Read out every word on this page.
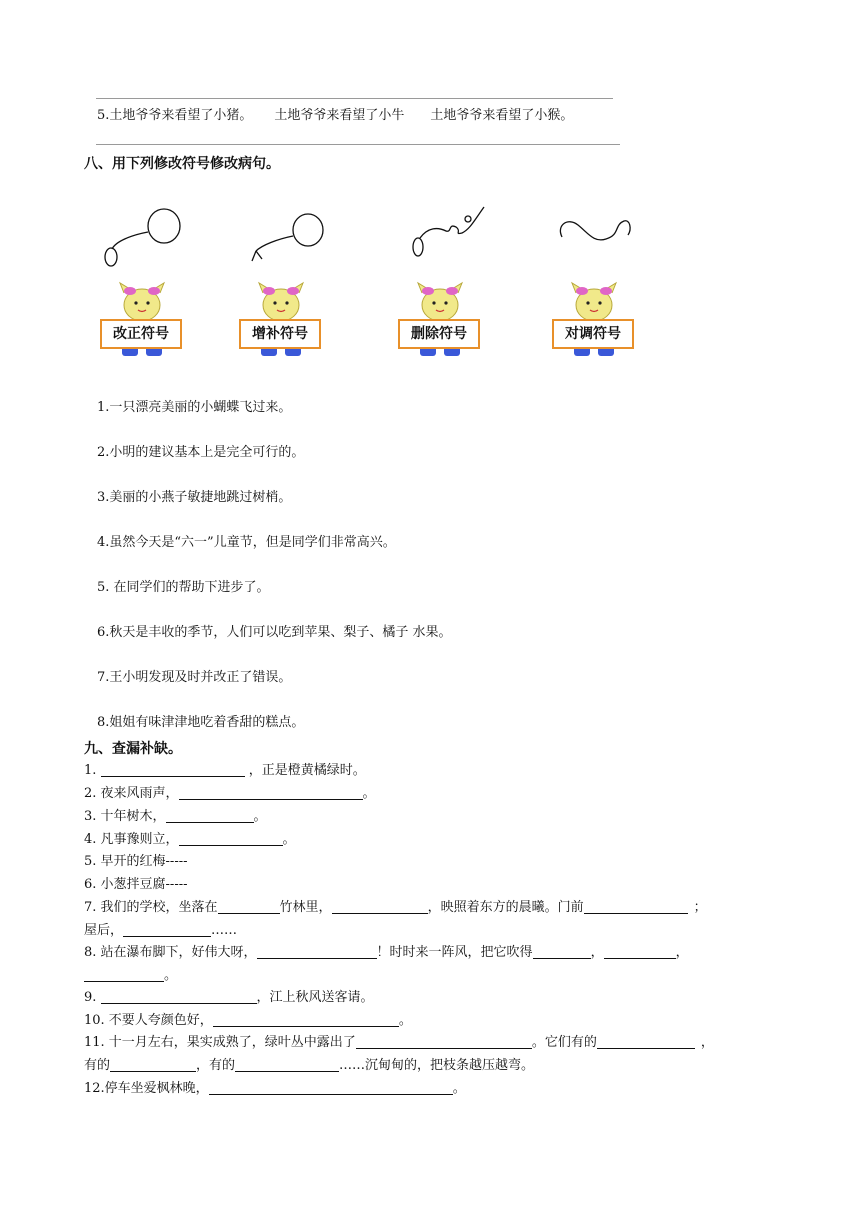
5.土地爷爷来看望了小猪。 土地爷爷来看望了小牛 土地爷爷来看望了小猴。
八、用下列修改符号修改病句。
改正符号	增补符号	删除符号	对调符号
1.一只漂亮美丽的小蝴蝶飞过来。
2.小明的建议基本上是完全可行的。
3.美丽的小燕子敏捷地跳过树梢。
4.虽然今天是“六一”儿童节，但是同学们非常高兴。
5. 在同学们的帮助下进步了。
6.秋天是丰收的季节，人们可以吃到苹果、梨子、橘子 水果。
7.王小明发现及时并改正了错误。
8.姐姐有味津津地吃着香甜的糕点。
九、查漏补缺。
1.	，正是橙黄橘绿时。
2. 夜来风雨声，	。
3. 十年树木，	。
4. 凡事豫则立，	。
5. 早开的红梅-----
6. 小葱拌豆腐-----
7. 我们的学校，坐落在	竹林里，	，映照着东方的晨曦。门前	；
屋后，	……
8. 站在瀑布脚下，好伟大呀，	！时时来一阵风，把它吹得	，	，
。
9.	，江上秋风送客请。
10. 不要人夸颜色好，	。
11. 十一月左右，果实成熟了，绿叶丛中露出了	。它们有的	，
有的	，有的	……沉甸甸的，把枝条越压越弯。
12.停车坐爱枫林晚，	。
